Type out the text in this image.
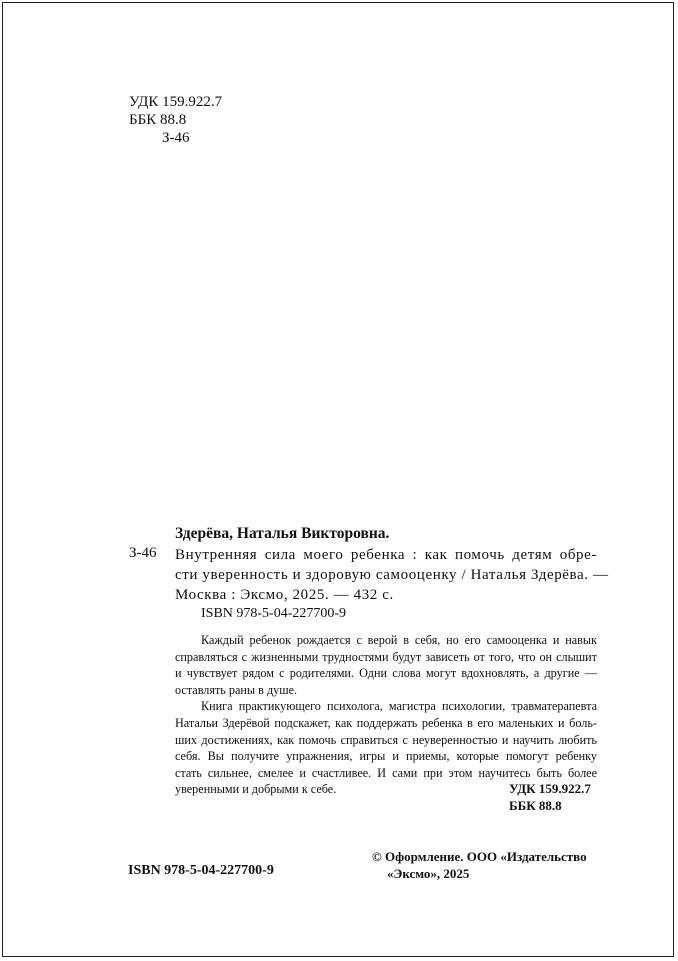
УДК 159.922.7
ББК 88.8
З-46
Здерёва, Наталья Викторовна.
З-46 Внутренняя сила моего ребенка : как помочь детям обре-
сти уверенность и здоровую самооценку / Наталья Здерёва. —
Москва : Эксмо, 2025. — 432 с.
ISBN 978-5-04-227700-9
Каждый ребенок рождается с верой в себя, но его самооценка и навык
справляться с жизненными трудностями будут зависеть от того, что он слышит
и чувствует рядом с родителями. Одни слова могут вдохновлять, а другие —
оставлять раны в душе.
Книга практикующего психолога, магистра психологии, травматерапевта
Натальи Здерёвой подскажет, как поддержать ребенка в его маленьких и боль-
ших достижениях, как помочь справиться с неуверенностью и научить любить
себя. Вы получите упражнения, игры и приемы, которые помогут ребенку
стать сильнее, смелее и счастливее. И сами при этом научитесь быть более
уверенными и добрыми к себе.	УДК 159.922.7
ББК 88.8
ISBN 978-5-04-227700-9
© Оформление. ООО «Издательство
«Эксмо», 2025
